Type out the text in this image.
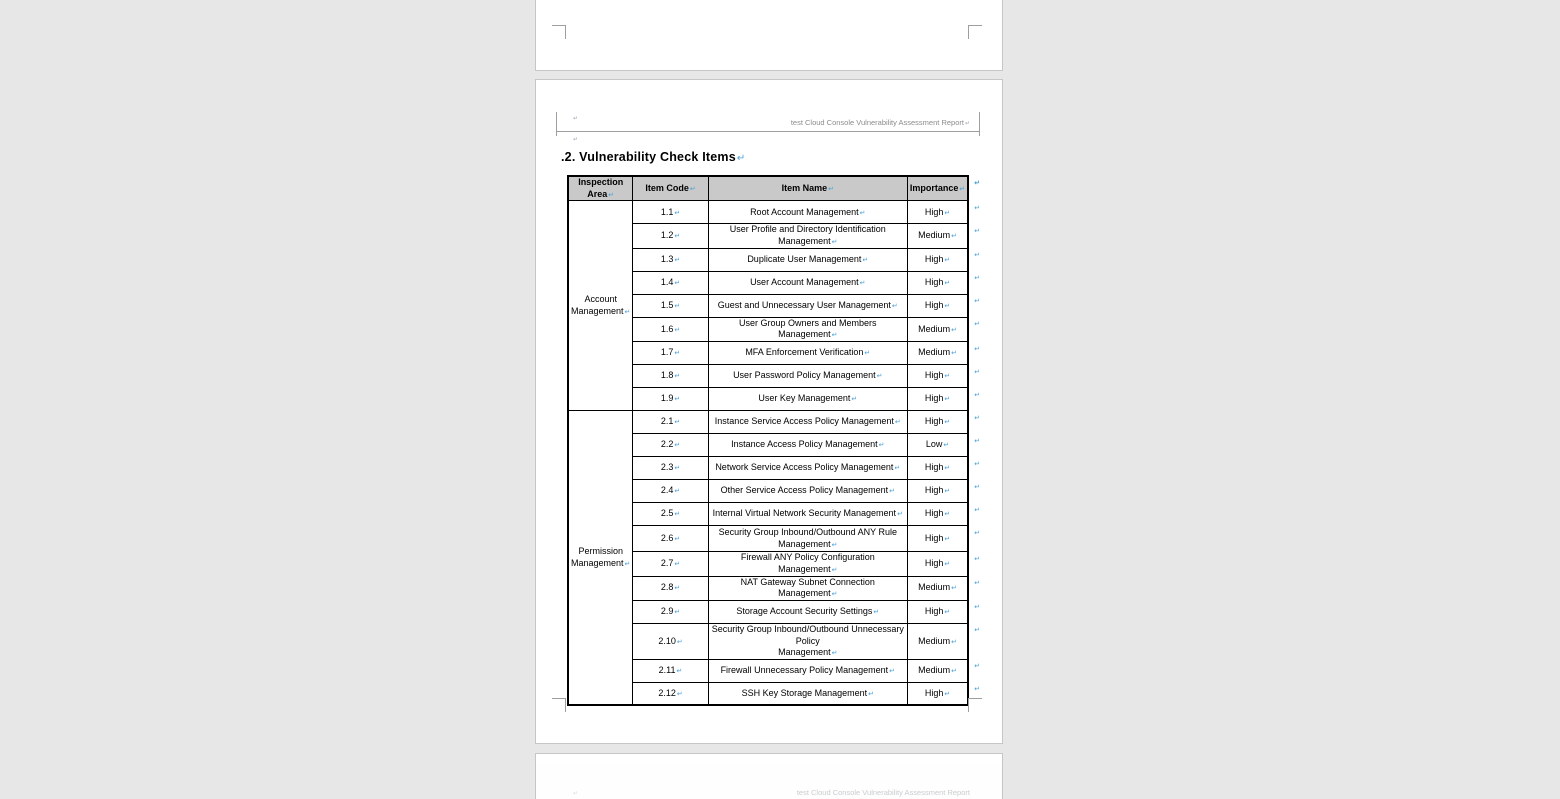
↵	test Cloud Console Vulnerability Assessment Report↵
↵
.2. Vulnerability Check Items↵
Inspection Area↵	Item Code↵	Item Name↵	Importance↵	↵
Account Management↵	1.1↵	Root Account Management↵	High↵	↵
	1.2↵	User Profile and Directory Identification Management↵	Medium↵	↵
	1.3↵	Duplicate User Management↵	High↵	↵
	1.4↵	User Account Management↵	High↵	↵
	1.5↵	Guest and Unnecessary User Management↵	High↵	↵
	1.6↵	User Group Owners and Members Management↵	Medium↵	↵
	1.7↵	MFA Enforcement Verification↵	Medium↵	↵
	1.8↵	User Password Policy Management↵	High↵	↵
	1.9↵	User Key Management↵	High↵	↵
Permission Management↵	2.1↵	Instance Service Access Policy Management↵	High↵	↵
	2.2↵	Instance Access Policy Management↵	Low↵	↵
	2.3↵	Network Service Access Policy Management↵	High↵	↵
	2.4↵	Other Service Access Policy Management↵	High↵	↵
	2.5↵	Internal Virtual Network Security Management↵	High↵	↵
	2.6↵	Security Group Inbound/Outbound ANY Rule
Management↵	High↵	↵
	2.7↵	Firewall ANY Policy Configuration Management↵	High↵	↵
	2.8↵	NAT Gateway Subnet Connection Management↵	Medium↵	↵
	2.9↵	Storage Account Security Settings↵	High↵	↵
	2.10↵	Security Group Inbound/Outbound Unnecessary Policy
Management↵	Medium↵	↵
	2.11↵	Firewall Unnecessary Policy Management↵	Medium↵	↵
	2.12↵	SSH Key Storage Management↵	High↵	↵
↵	test Cloud Console Vulnerability Assessment Report
